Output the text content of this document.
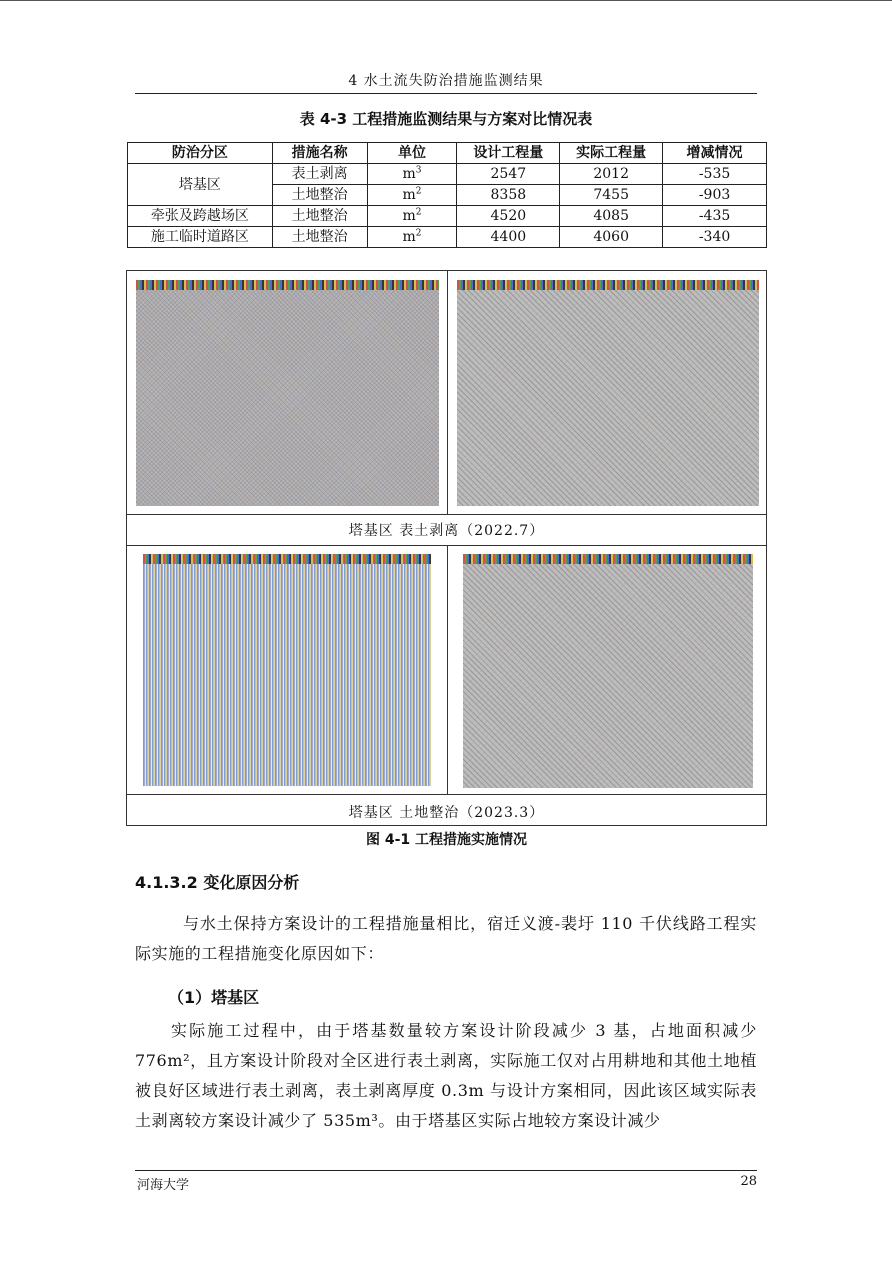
4 水土流失防治措施监测结果
表 4-3 工程措施监测结果与方案对比情况表
防治分区	措施名称	单位	设计工程量	实际工程量	增减情况
塔基区	表土剥离	$m^3$	2547	2012	-535
	土地整治	$m^2$	8358	7455	-903
牵张及跨越场区	土地整治	$m^2$	4520	4085	-435
施工临时道路区	土地整治	$m^2$	4400	4060	-340
塔基区 表土剥离（2022.7）
塔基区 土地整治（2023.3）
图 4-1 工程措施实施情况
4.1.3.2 变化原因分析
与水土保持方案设计的工程措施量相比，宿迁义渡-裴圩 110 千伏线路工程实际实施的工程措施变化原因如下：
（1）塔基区
实际施工过程中，由于塔基数量较方案设计阶段减少 3 基，占地面积减少 776m²，且方案设计阶段对全区进行表土剥离，实际施工仅对占用耕地和其他土地植被良好区域进行表土剥离，表土剥离厚度 0.3m 与设计方案相同，因此该区域实际表土剥离较方案设计减少了 535m³。由于塔基区实际占地较方案设计减少
河海大学	28
